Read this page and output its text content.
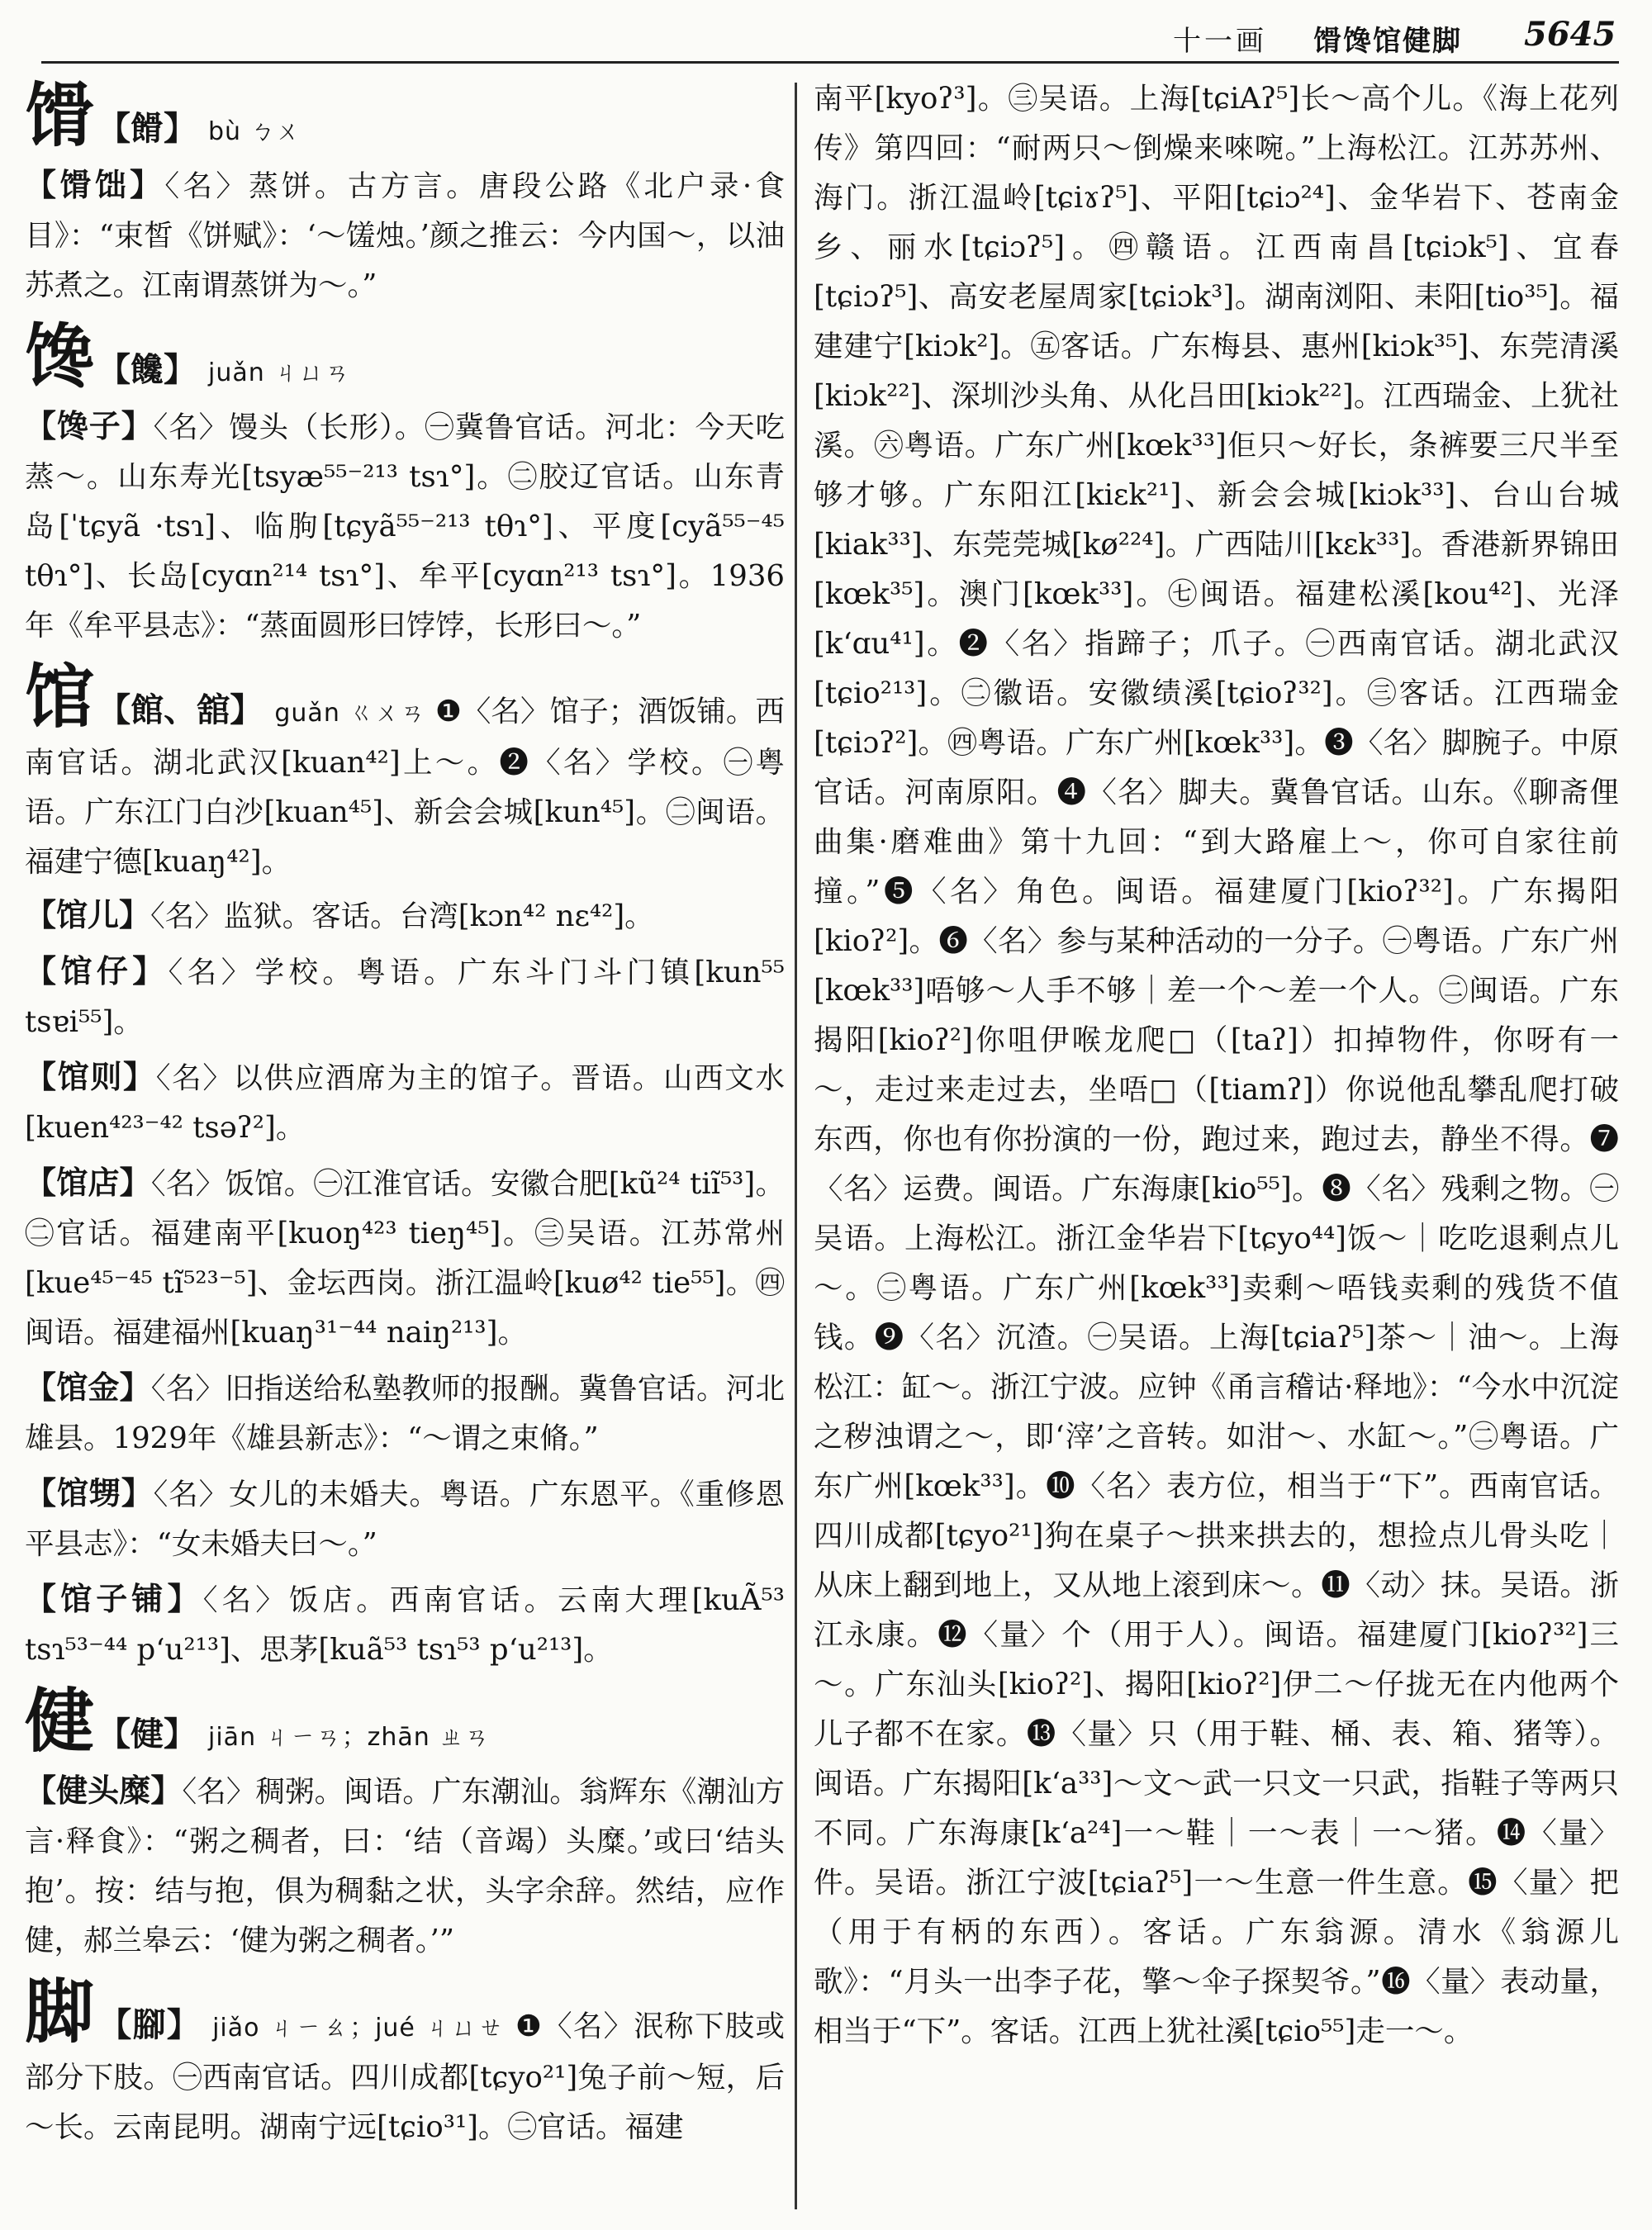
十一画 馉馋馆健脚 5645
馉 【餶】 bù ㄅㄨ

【馉饳】〈名〉蒸饼。古方言。唐段公路《北户录·食目》：“束皙《饼赋》：‘～馐烛。’颜之推云：今内国～，以油苏煮之。江南谓蒸饼为～。”

馋 【饞】 juǎn ㄐㄩㄢ

【馋子】〈名〉馒头（长形）。㊀冀鲁官话。河北：今天吃蒸～。山东寿光[tsyæ⁵⁵⁻²¹³ tsɿ°]。㊁胶辽官话。山东青岛[ˈtɕyã ·tsɿ]、临朐[tɕyã⁵⁵⁻²¹³ tθɿ°]、平度[cyã⁵⁵⁻⁴⁵ tθɿ°]、长岛[cyɑn²¹⁴ tsɿ°]、牟平[cyɑn²¹³ tsɿ°]。1936年《牟平县志》：“蒸面圆形曰饽饽，长形曰～。”

馆 【館、舘】 guǎn ㄍㄨㄢ ❶〈名〉馆子；酒饭铺。西南官话。湖北武汉[kuan⁴²]上～。❷〈名〉学校。㊀粤语。广东江门白沙[kuan⁴⁵]、新会会城[kun⁴⁵]。㊁闽语。福建宁德[kuaŋ⁴²]。

【馆儿】〈名〉监狱。客话。台湾[kɔn⁴² nɛ⁴²]。

【馆仔】〈名〉学校。粤语。广东斗门斗门镇[kun⁵⁵ tsɐi⁵⁵]。

【馆则】〈名〉以供应酒席为主的馆子。晋语。山西文水[kuen⁴²³⁻⁴² tsəʔ²]。

【馆店】〈名〉饭馆。㊀江淮官话。安徽合肥[kũ²⁴ tiĩ⁵³]。㊁官话。福建南平[kuoŋ⁴²³ tieŋ⁴⁵]。㊂吴语。江苏常州[kue⁴⁵⁻⁴⁵ tĩ⁵²³⁻⁵]、金坛西岗。浙江温岭[kuø⁴² tie⁵⁵]。㊃闽语。福建福州[kuaŋ³¹⁻⁴⁴ naiŋ²¹³]。

【馆金】〈名〉旧指送给私塾教师的报酬。冀鲁官话。河北雄县。1929年《雄县新志》：“～谓之束脩。”

【馆甥】〈名〉女儿的未婚夫。粤语。广东恩平。《重修恩平县志》：“女未婚夫曰～。”

【馆子铺】〈名〉饭店。西南官话。云南大理[kuÃ⁵³ tsɿ⁵³⁻⁴⁴ pʻu²¹³]、思茅[kuã⁵³ tsɿ⁵³ pʻu²¹³]。

健 【健】 jiān ㄐㄧㄢ；zhān ㄓㄢ

【健头糜】〈名〉稠粥。闽语。广东潮汕。翁辉东《潮汕方言·释食》：“粥之稠者，曰：‘结（音竭）头糜。’或曰‘结头抱’。按：结与抱，俱为稠黏之状，头字余辞。然结，应作健，郝兰皋云：‘健为粥之稠者。’”

脚 【腳】 jiǎo ㄐㄧㄠ；jué ㄐㄩㄝ ❶〈名〉泯称下肢或部分下肢。㊀西南官话。四川成都[tɕyo²¹]兔子前～短，后～长。云南昆明。湖南宁远[tɕio³¹]。㊁官话。福建

南平[kyoʔ³]。㊂吴语。上海[tɕiAʔ⁵]长～高个儿。《海上花列传》第四回：“耐两只～倒燥来唻啘。”上海松江。江苏苏州、海门。浙江温岭[tɕiɤʔ⁵]、平阳[tɕiɔ²⁴]、金华岩下、苍南金乡、丽水[tɕiɔʔ⁵]。㊃赣语。江西南昌[tɕiɔk⁵]、宜春[tɕiɔʔ⁵]、高安老屋周家[tɕiɔk³]。湖南浏阳、耒阳[tio³⁵]。福建建宁[kiɔk²]。㊄客话。广东梅县、惠州[kiɔk³⁵]、东莞清溪[kiɔk²²]、深圳沙头角、从化吕田[kiɔk²²]。江西瑞金、上犹社溪。㊅粤语。广东广州[kœk³³]佢只～好长，条裤要三尺半至够才够。广东阳江[kiɛk²¹]、新会会城[kiɔk³³]、台山台城[kiak³³]、东莞莞城[kø²²⁴]。广西陆川[kɛk³³]。香港新界锦田[kœk³⁵]。澳门[kœk³³]。㊆闽语。福建松溪[kou⁴²]、光泽[kʻɑu⁴¹]。❷〈名〉指蹄子；爪子。㊀西南官话。湖北武汉[tɕio²¹³]。㊁徽语。安徽绩溪[tɕioʔ³²]。㊂客话。江西瑞金[tɕiɔʔ²]。㊃粤语。广东广州[kœk³³]。❸〈名〉脚腕子。中原官话。河南原阳。❹〈名〉脚夫。冀鲁官话。山东。《聊斋俚曲集·磨难曲》第十九回：“到大路雇上～，你可自家往前撞。”❺〈名〉角色。闽语。福建厦门[kioʔ³²]。广东揭阳[kioʔ²]。❻〈名〉参与某种活动的一分子。㊀粤语。广东广州[kœk³³]唔够～人手不够｜差一个～差一个人。㊁闽语。广东揭阳[kioʔ²]你咀伊喉龙爬□（[taʔ]）扣掉物件，你呀有一～，走过来走过去，坐唔□（[tiamʔ]）你说他乱攀乱爬打破东西，你也有你扮演的一份，跑过来，跑过去，静坐不得。❼〈名〉运费。闽语。广东海康[kio⁵⁵]。❽〈名〉残剩之物。㊀吴语。上海松江。浙江金华岩下[tɕyo⁴⁴]饭～｜吃吃退剩点儿～。㊁粤语。广东广州[kœk³³]卖剩～唔钱卖剩的残货不值钱。❾〈名〉沉渣。㊀吴语。上海[tɕiaʔ⁵]茶～｜油～。上海松江：缸～。浙江宁波。应钟《甬言稽诂·释地》：“今水中沉淀之秽浊谓之～，即‘滓’之音转。如泔～、水缸～。”㊁粤语。广东广州[kœk³³]。❿〈名〉表方位，相当于“下”。西南官话。四川成都[tɕyo²¹]狗在桌子～拱来拱去的，想捡点儿骨头吃｜从床上翻到地上，又从地上滚到床～。⓫〈动〉抹。吴语。浙江永康。⓬〈量〉个（用于人）。闽语。福建厦门[kioʔ³²]三～。广东汕头[kioʔ²]、揭阳[kioʔ²]伊二～仔拢无在内他两个儿子都不在家。⓭〈量〉只（用于鞋、桶、表、箱、猪等）。闽语。广东揭阳[kʻa³³]～文～武一只文一只武，指鞋子等两只不同。广东海康[kʻa²⁴]一～鞋｜一～表｜一～猪。⓮〈量〉件。吴语。浙江宁波[tɕiaʔ⁵]一～生意一件生意。⓯〈量〉把（用于有柄的东西）。客话。广东翁源。清水《翁源儿歌》：“月头一出李子花，擎～伞子探契爷。”⓰〈量〉表动量，相当于“下”。客话。江西上犹社溪[tɕio⁵⁵]走一～。
